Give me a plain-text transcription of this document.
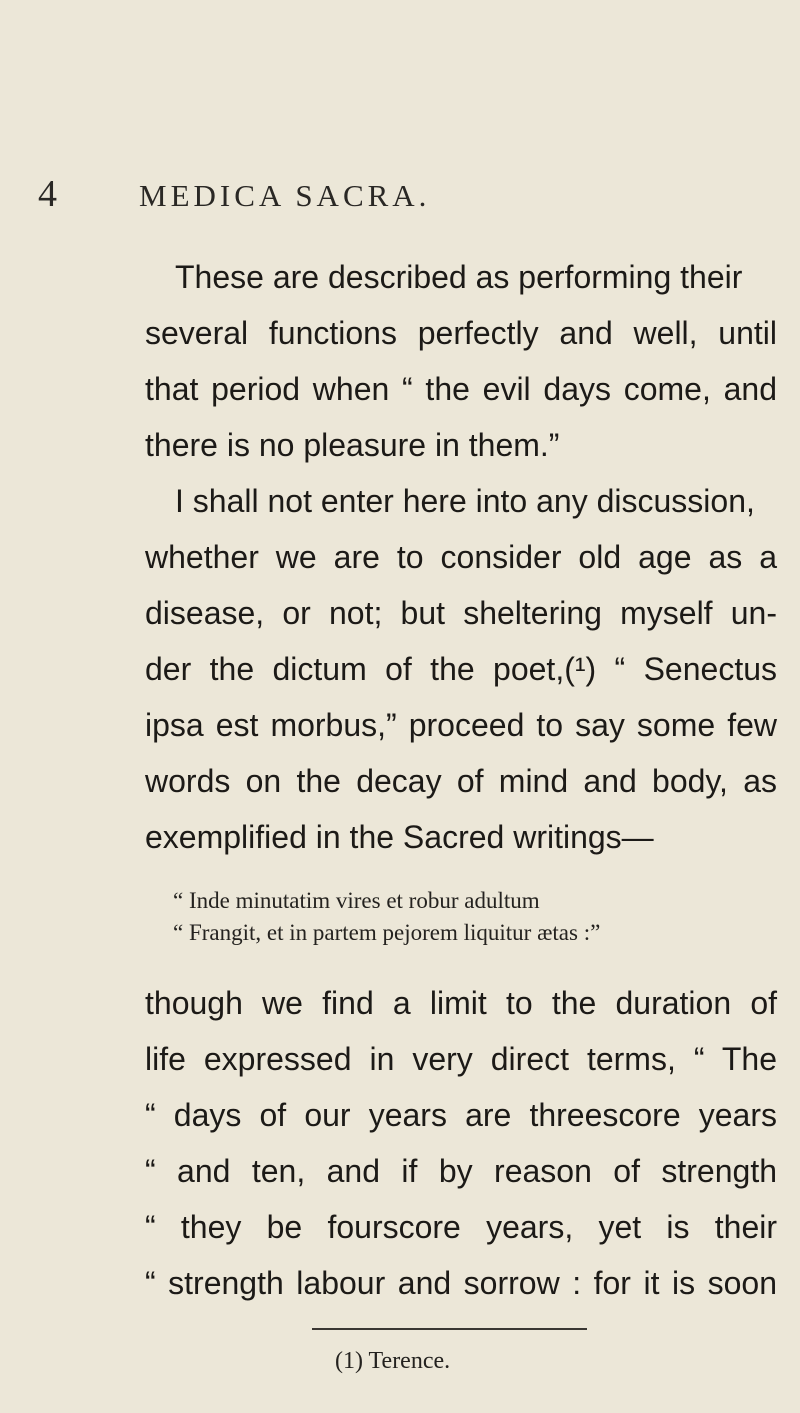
4	MEDICA SACRA.
These are described as performing their
several functions perfectly and well, until
that period when “ the evil days come, and
there is no pleasure in them.”
I shall not enter here into any discussion,
whether we are to consider old age as a
disease, or not; but sheltering myself un-
der the dictum of the poet,(¹) “ Senectus
ipsa est morbus,” proceed to say some few
words on the decay of mind and body, as
exemplified in the Sacred writings—
“ Inde minutatim vires et robur adultum
“ Frangit, et in partem pejorem liquitur ætas :”
though we find a limit to the duration of
life expressed in very direct terms, “ The
“ days of our years are threescore years
“ and ten, and if by reason of strength
“ they be fourscore years, yet is their
“ strength labour and sorrow : for it is soon
(1) Terence.
